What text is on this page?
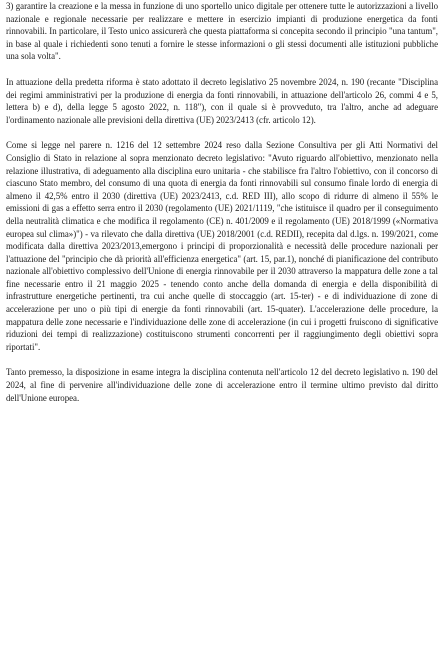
3) garantire la creazione e la messa in funzione di uno sportello unico digitale per ottenere tutte le autorizzazioni a livello nazionale e regionale necessarie per realizzare e mettere in esercizio impianti di produzione energetica da fonti rinnovabili. In particolare, il Testo unico assicurerà che questa piattaforma si concepita secondo il principio "una tantum", in base al quale i richiedenti sono tenuti a fornire le stesse informazioni o gli stessi documenti alle istituzioni pubbliche una sola volta".

In attuazione della predetta riforma è stato adottato il decreto legislativo 25 novembre 2024, n. 190 (recante "Disciplina dei regimi amministrativi per la produzione di energia da fonti rinnovabili, in attuazione dell'articolo 26, commi 4 e 5, lettera b) e d), della legge 5 agosto 2022, n. 118"), con il quale si è provveduto, tra l'altro, anche ad adeguare l'ordinamento nazionale alle previsioni della direttiva (UE) 2023/2413 (cfr. articolo 12).

Come si legge nel parere n. 1216 del 12 settembre 2024 reso dalla Sezione Consultiva per gli Atti Normativi del Consiglio di Stato in relazione al sopra menzionato decreto legislativo: "Avuto riguardo all'obiettivo, menzionato nella relazione illustrativa, di adeguamento alla disciplina euro unitaria - che stabilisce fra l'altro l'obiettivo, con il concorso di ciascuno Stato membro, del consumo di una quota di energia da fonti rinnovabili sul consumo finale lordo di energia di almeno il 42,5% entro il 2030 (direttiva (UE) 2023/2413, c.d. RED III), allo scopo di ridurre di almeno il 55% le emissioni di gas a effetto serra entro il 2030 (regolamento (UE) 2021/1119, "che istituisce il quadro per il conseguimento della neutralità climatica e che modifica il regolamento (CE) n. 401/2009 e il regolamento (UE) 2018/1999 («Normativa europea sul clima»)") - va rilevato che dalla direttiva (UE) 2018/2001 (c.d. REDII), recepita dal d.lgs. n. 199/2021, come modificata dalla direttiva 2023/2013,emergono i principi di proporzionalità e necessità delle procedure nazionali per l'attuazione del "principio che dà priorità all'efficienza energetica" (art. 15, par.1), nonché di pianificazione del contributo nazionale all'obiettivo complessivo dell'Unione di energia rinnovabile per il 2030 attraverso la mappatura delle zone a tal fine necessarie entro il 21 maggio 2025 - tenendo conto anche della domanda di energia e della disponibilità di infrastrutture energetiche pertinenti, tra cui anche quelle di stoccaggio (art. 15-ter) - e di individuazione di zone di accelerazione per uno o più tipi di energie da fonti rinnovabili (art. 15-quater). L'accelerazione delle procedure, la mappatura delle zone necessarie e l'individuazione delle zone di accelerazione (in cui i progetti fruiscono di significative riduzioni dei tempi di realizzazione) costituiscono strumenti concorrenti per il raggiungimento degli obiettivi sopra riportati".

Tanto premesso, la disposizione in esame integra la disciplina contenuta nell'articolo 12 del decreto legislativo n. 190 del 2024, al fine di pervenire all'individuazione delle zone di accelerazione entro il termine ultimo previsto dal diritto dell'Unione europea.
